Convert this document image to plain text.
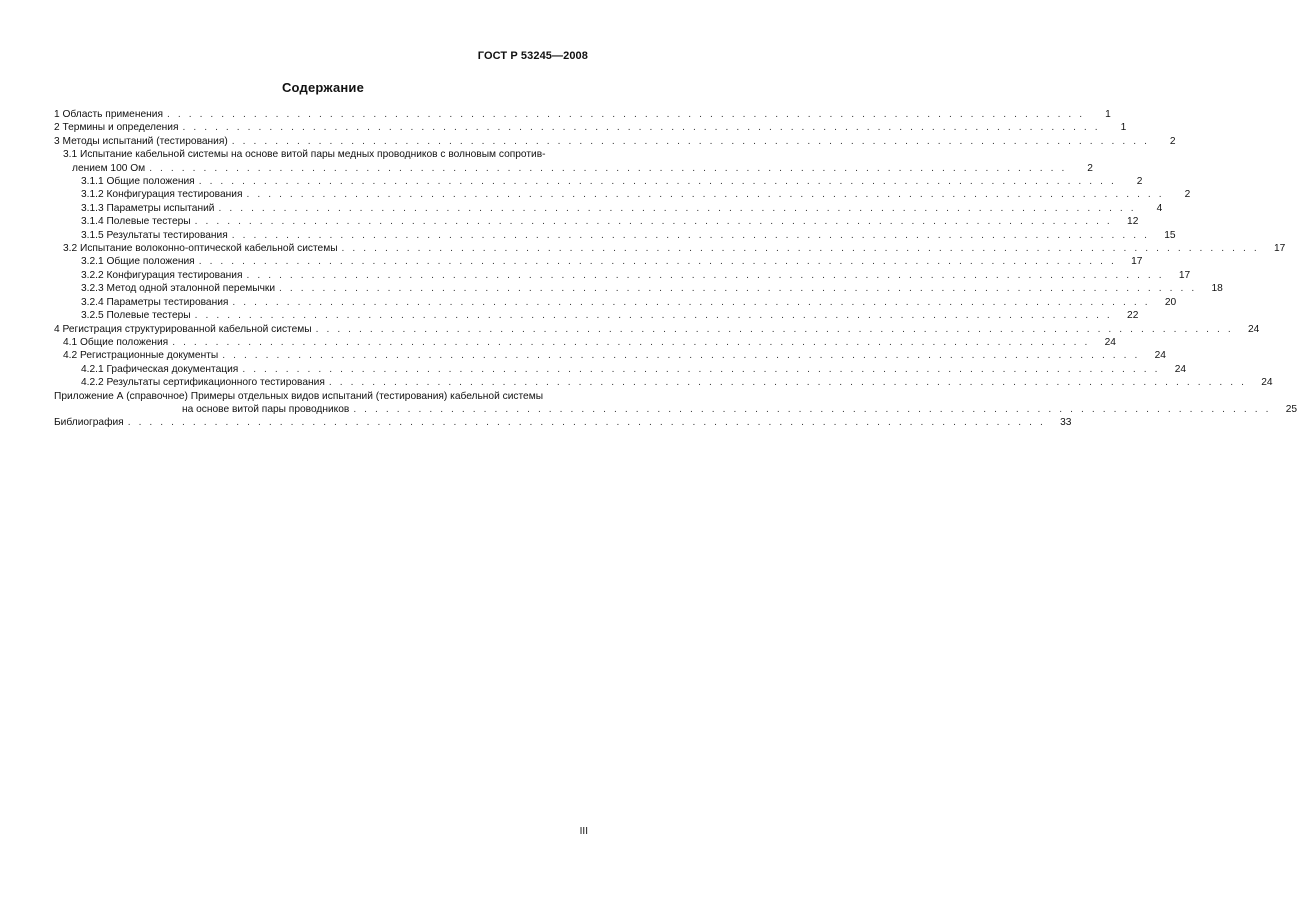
ГОСТ Р 53245—2008
Содержание
1 Область применения . . . . . . . . . . . . . . . . . . . . . . . . . . . . . . . . . . . . . . . . . . . . . . . . . . . . . . . . . . . . . . . . . . . . . . . . . . . . . . . . . . . . .	1
2 Термины и определения . . . . . . . . . . . . . . . . . . . . . . . . . . . . . . . . . . . . . . . . . . . . . . . . . . . . . . . . . . . . . . . . . . . . . . . . . . . . . . . . . . . . .	1
3 Методы испытаний (тестирования) . . . . . . . . . . . . . . . . . . . . . . . . . . . . . . . . . . . . . . . . . . . . . . . . . . . . . . . . . . . . . . . . . . . . . . . . . . . . . . . . . . . . .	2
3.1 Испытание кабельной системы на основе витой пары медных проводников с волновым сопротив-
лением 100 Ом . . . . . . . . . . . . . . . . . . . . . . . . . . . . . . . . . . . . . . . . . . . . . . . . . . . . . . . . . . . . . . . . . . . . . . . . . . . . . . . . . . . . .	2
3.1.1 Общие положения . . . . . . . . . . . . . . . . . . . . . . . . . . . . . . . . . . . . . . . . . . . . . . . . . . . . . . . . . . . . . . . . . . . . . . . . . . . . . . . . . . . . .	2
3.1.2 Конфигурация тестирования . . . . . . . . . . . . . . . . . . . . . . . . . . . . . . . . . . . . . . . . . . . . . . . . . . . . . . . . . . . . . . . . . . . . . . . . . . . . . . . . . . . . .	2
3.1.3 Параметры испытаний . . . . . . . . . . . . . . . . . . . . . . . . . . . . . . . . . . . . . . . . . . . . . . . . . . . . . . . . . . . . . . . . . . . . . . . . . . . . . . . . . . . . .	4
3.1.4 Полевые тестеры . . . . . . . . . . . . . . . . . . . . . . . . . . . . . . . . . . . . . . . . . . . . . . . . . . . . . . . . . . . . . . . . . . . . . . . . . . . . . . . . . . . . .	12
3.1.5 Результаты тестирования . . . . . . . . . . . . . . . . . . . . . . . . . . . . . . . . . . . . . . . . . . . . . . . . . . . . . . . . . . . . . . . . . . . . . . . . . . . . . . . . . . . . .	15
3.2 Испытание волоконно-оптической кабельной системы . . . . . . . . . . . . . . . . . . . . . . . . . . . . . . . . . . . . . . . . . . . . . . . . . . . . . . . . . . . . . . . . . . . . . . . . . . . . . . . . . . . . .	17
3.2.1 Общие положения . . . . . . . . . . . . . . . . . . . . . . . . . . . . . . . . . . . . . . . . . . . . . . . . . . . . . . . . . . . . . . . . . . . . . . . . . . . . . . . . . . . . .	17
3.2.2 Конфигурация тестирования . . . . . . . . . . . . . . . . . . . . . . . . . . . . . . . . . . . . . . . . . . . . . . . . . . . . . . . . . . . . . . . . . . . . . . . . . . . . . . . . . . . . .	17
3.2.3 Метод одной эталонной перемычки . . . . . . . . . . . . . . . . . . . . . . . . . . . . . . . . . . . . . . . . . . . . . . . . . . . . . . . . . . . . . . . . . . . . . . . . . . . . . . . . . . . . .	18
3.2.4 Параметры тестирования . . . . . . . . . . . . . . . . . . . . . . . . . . . . . . . . . . . . . . . . . . . . . . . . . . . . . . . . . . . . . . . . . . . . . . . . . . . . . . . . . . . . .	20
3.2.5 Полевые тестеры . . . . . . . . . . . . . . . . . . . . . . . . . . . . . . . . . . . . . . . . . . . . . . . . . . . . . . . . . . . . . . . . . . . . . . . . . . . . . . . . . . . . .	22
4 Регистрация структурированной кабельной системы . . . . . . . . . . . . . . . . . . . . . . . . . . . . . . . . . . . . . . . . . . . . . . . . . . . . . . . . . . . . . . . . . . . . . . . . . . . . . . . . . . . . .	24
4.1 Общие положения . . . . . . . . . . . . . . . . . . . . . . . . . . . . . . . . . . . . . . . . . . . . . . . . . . . . . . . . . . . . . . . . . . . . . . . . . . . . . . . . . . . . .	24
4.2 Регистрационные документы . . . . . . . . . . . . . . . . . . . . . . . . . . . . . . . . . . . . . . . . . . . . . . . . . . . . . . . . . . . . . . . . . . . . . . . . . . . . . . . . . . . . .	24
4.2.1 Графическая документация . . . . . . . . . . . . . . . . . . . . . . . . . . . . . . . . . . . . . . . . . . . . . . . . . . . . . . . . . . . . . . . . . . . . . . . . . . . . . . . . . . . . .	24
4.2.2 Результаты сертификационного тестирования . . . . . . . . . . . . . . . . . . . . . . . . . . . . . . . . . . . . . . . . . . . . . . . . . . . . . . . . . . . . . . . . . . . . . . . . . . . . . . . . . . . . .	24
Приложение А (справочное) Примеры отдельных видов испытаний (тестирования) кабельной системы
на основе витой пары проводников . . . . . . . . . . . . . . . . . . . . . . . . . . . . . . . . . . . . . . . . . . . . . . . . . . . . . . . . . . . . . . . . . . . . . . . . . . . . . . . . . . . . .	25
Библиография . . . . . . . . . . . . . . . . . . . . . . . . . . . . . . . . . . . . . . . . . . . . . . . . . . . . . . . . . . . . . . . . . . . . . . . . . . . . . . . . . . . . .	33
III
